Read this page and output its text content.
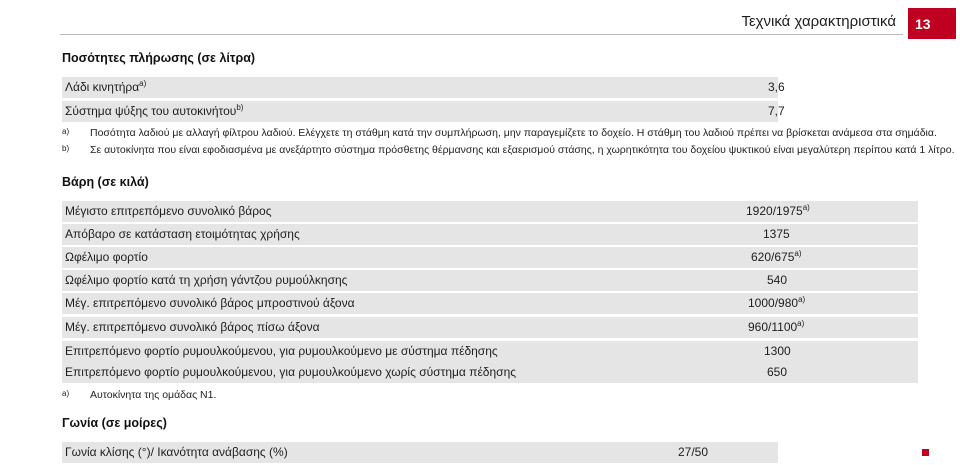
Τεχνικά χαρακτηριστικά 13
Ποσότητες πλήρωσης (σε λίτρα)
Λάδι κινητήρα$^{a)}$	3,6
Σύστημα ψύξης του αυτοκινήτου$^{b)}$	7,7
a) Ποσότητα λαδιού με αλλαγή φίλτρου λαδιού. Ελέγχετε τη στάθμη κατά την συμπλήρωση, μην παραγεμίζετε το δοχείο. Η στάθμη του λαδιού πρέπει να βρίσκεται ανάμεσα στα σημάδια.
b) Σε αυτοκίνητα που είναι εφοδιασμένα με ανεξάρτητο σύστημα πρόσθετης θέρμανσης και εξαερισμού στάσης, η χωρητικότητα του δοχείου ψυκτικού είναι μεγαλύτερη περίπου κατά 1 λίτρο.
Βάρη (σε κιλά)
Μέγιστο επιτρεπόμενο συνολικό βάρος	1920/1975$^{a)}$
Απόβαρο σε κατάσταση ετοιμότητας χρήσης	1375
Ωφέλιμο φορτίο	620/675$^{a)}$
Ωφέλιμο φορτίο κατά τη χρήση γάντζου ρυμούλκησης	540
Μέγ. επιτρεπόμενο συνολικό βάρος μπροστινού άξονα	1000/980$^{a)}$
Μέγ. επιτρεπόμενο συνολικό βάρος πίσω άξονα	960/1100$^{a)}$
Επιτρεπόμενο φορτίο ρυμουλκούμενου, για ρυμουλκούμενο με σύστημα πέδησης	1300
Επιτρεπόμενο φορτίο ρυμουλκούμενου, για ρυμουλκούμενο χωρίς σύστημα πέδησης	650
a) Αυτοκίνητα της ομάδας N1.
Γωνία (σε μοίρες)
Γωνία κλίσης (°)/ Ικανότητα ανάβασης (%)	27/50
